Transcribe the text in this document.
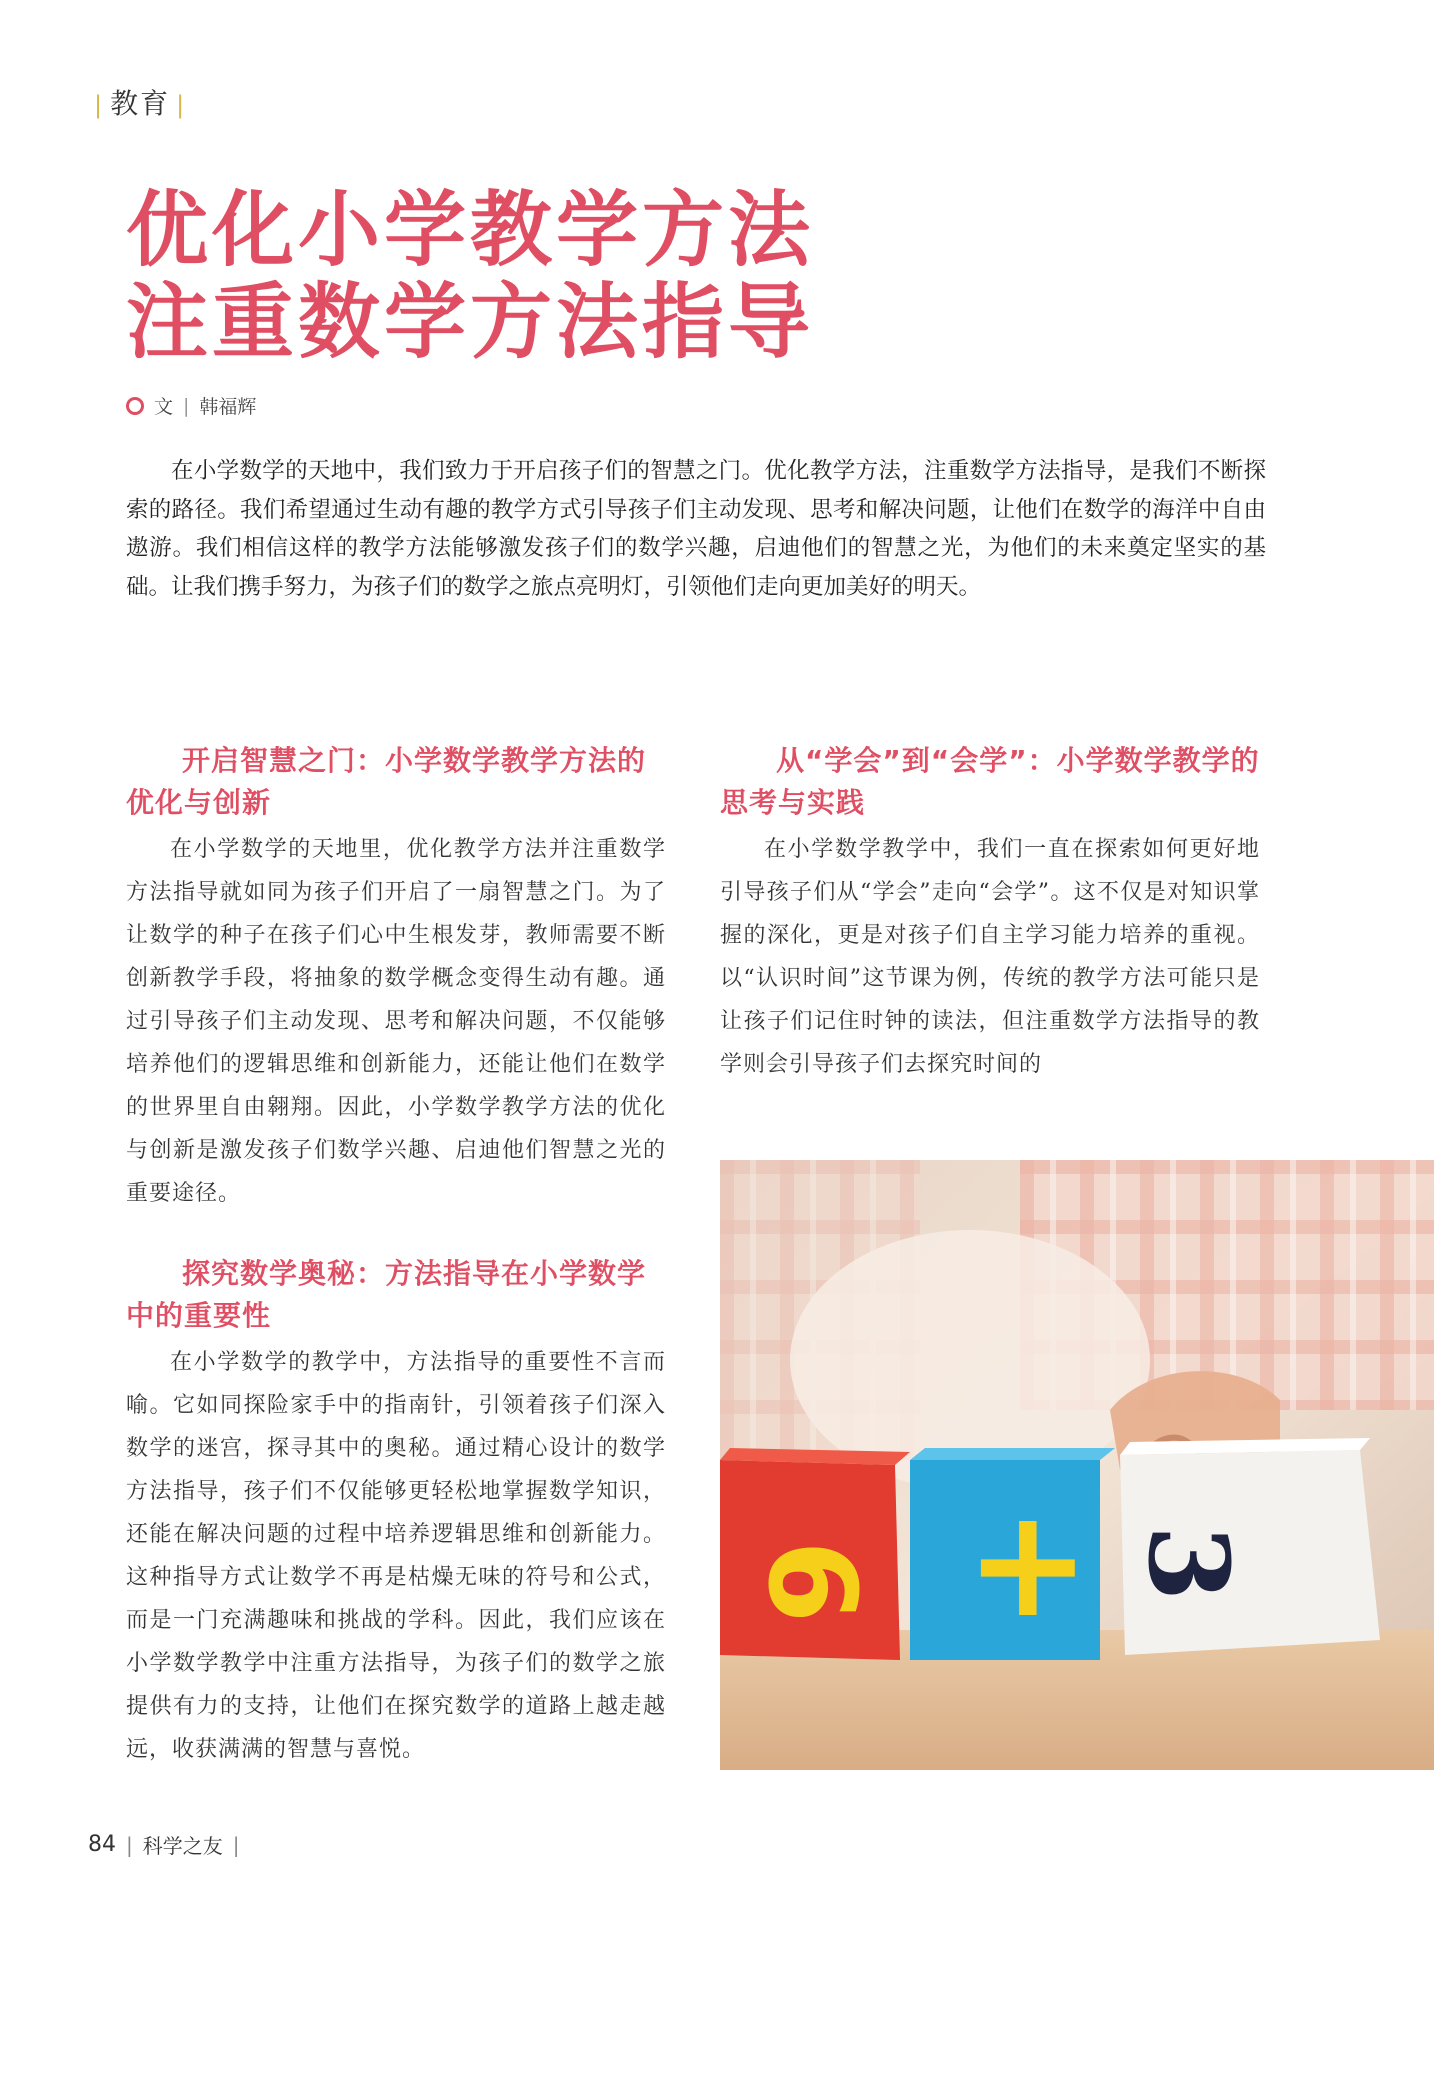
| 教育 |
优化小学教学方法
注重数学方法指导
文 | 韩福辉

在小学数学的天地中，我们致力于开启孩子们的智慧之门。优化教学方法，注重数学方法指导，是我们不断探索的路径。我们希望通过生动有趣的教学方式引导孩子们主动发现、思考和解决问题，让他们在数学的海洋中自由遨游。我们相信这样的教学方法能够激发孩子们的数学兴趣，启迪他们的智慧之光，为他们的未来奠定坚实的基础。让我们携手努力，为孩子们的数学之旅点亮明灯，引领他们走向更加美好的明天。

开启智慧之门：小学数学教学方法的优化与创新

在小学数学的天地里，优化教学方法并注重数学方法指导就如同为孩子们开启了一扇智慧之门。为了让数学的种子在孩子们心中生根发芽，教师需要不断创新教学手段，将抽象的数学概念变得生动有趣。通过引导孩子们主动发现、思考和解决问题，不仅能够培养他们的逻辑思维和创新能力，还能让他们在数学的世界里自由翱翔。因此，小学数学教学方法的优化与创新是激发孩子们数学兴趣、启迪他们智慧之光的重要途径。

探究数学奥秘：方法指导在小学数学中的重要性

在小学数学的教学中，方法指导的重要性不言而喻。它如同探险家手中的指南针，引领着孩子们深入数学的迷宫，探寻其中的奥秘。通过精心设计的数学方法指导，孩子们不仅能够更轻松地掌握数学知识，还能在解决问题的过程中培养逻辑思维和创新能力。这种指导方式让数学不再是枯燥无味的符号和公式，而是一门充满趣味和挑战的学科。因此，我们应该在小学数学教学中注重方法指导，为孩子们的数学之旅提供有力的支持，让他们在探究数学的道路上越走越远，收获满满的智慧与喜悦。

从“学会”到“会学”：小学数学教学的思考与实践

在小学数学教学中，我们一直在探索如何更好地引导孩子们从“学会”走向“会学”。这不仅是对知识掌握的深化，更是对孩子们自主学习能力培养的重视。以“认识时间”这节课为例，传统的教学方法可能只是让孩子们记住时钟的读法，但注重数学方法指导的教学则会引导孩子们去探究时间的

6 + 3
84 | 科学之友 |
